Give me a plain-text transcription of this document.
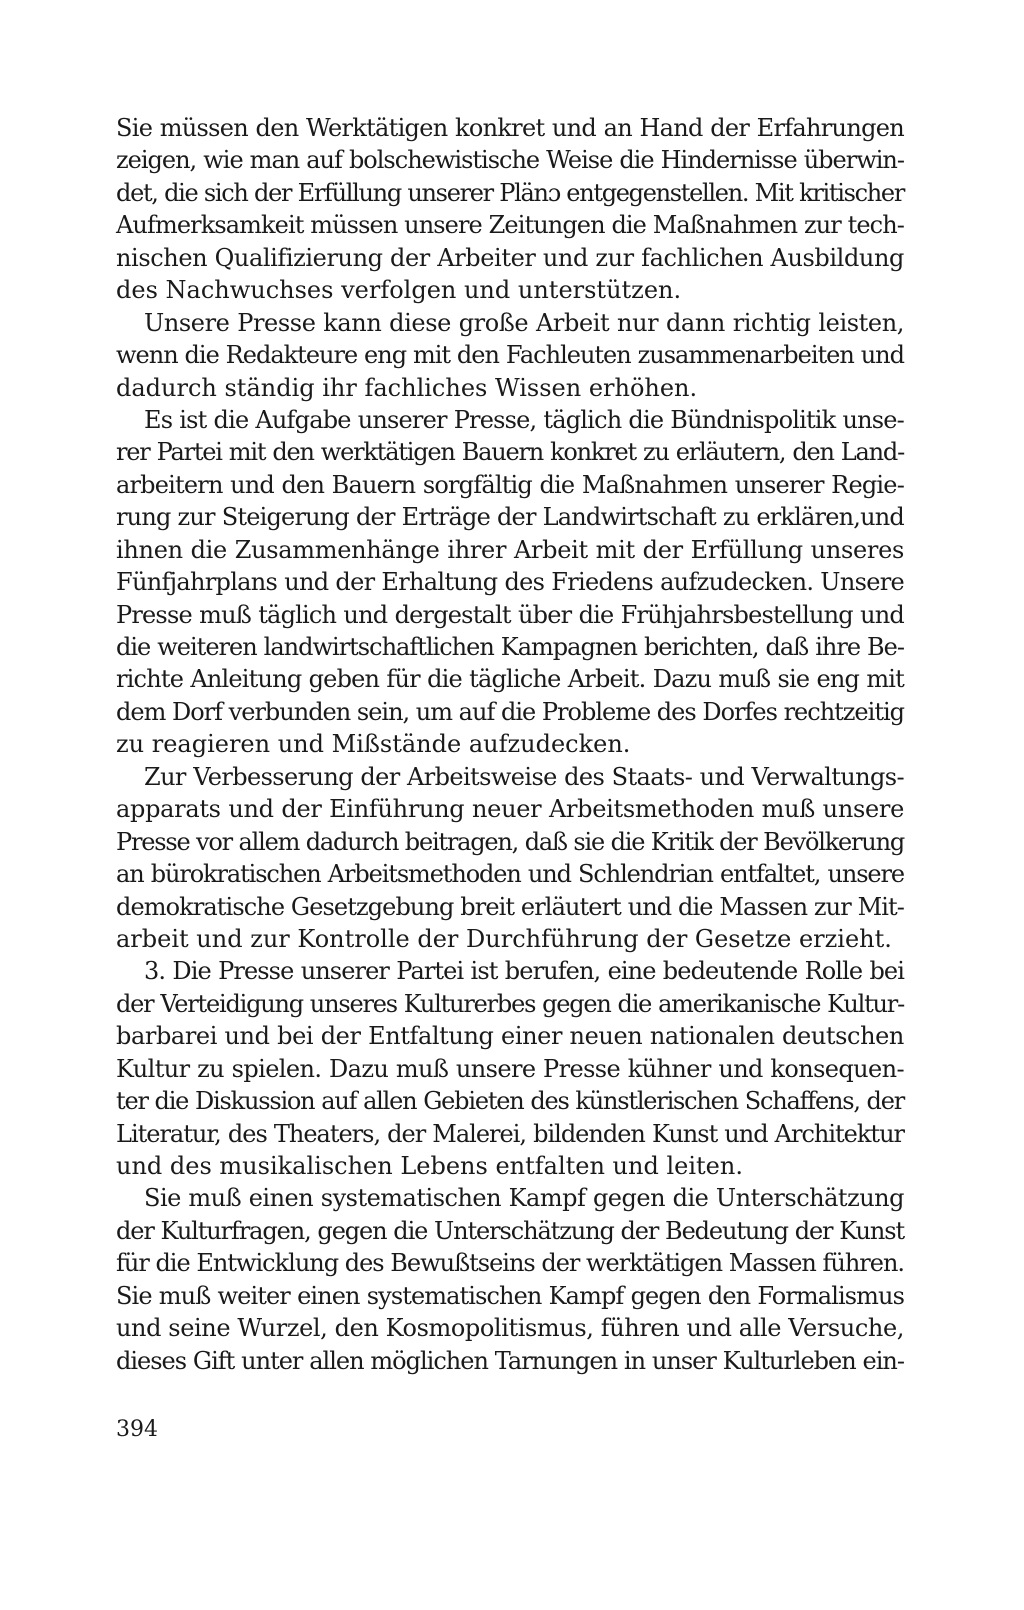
Sie müssen den Werktätigen konkret und an Hand der Erfahrungen
zeigen, wie man auf bolschewistische Weise die Hindernisse überwin-
det, die sich der Erfüllung unserer Plänɔ entgegenstellen. Mit kritischer
Aufmerksamkeit müssen unsere Zeitungen die Maßnahmen zur tech-
nischen Qualifizierung der Arbeiter und zur fachlichen Ausbildung
des Nachwuchses verfolgen und unterstützen.
Unsere Presse kann diese große Arbeit nur dann richtig leisten,
wenn die Redakteure eng mit den Fachleuten zusammenarbeiten und
dadurch ständig ihr fachliches Wissen erhöhen.
Es ist die Aufgabe unserer Presse, täglich die Bündnispolitik unse-
rer Partei mit den werktätigen Bauern konkret zu erläutern, den Land-
arbeitern und den Bauern sorgfältig die Maßnahmen unserer Regie-
rung zur Steigerung der Erträge der Landwirtschaft zu erklären,und
ihnen die Zusammenhänge ihrer Arbeit mit der Erfüllung unseres
Fünfjahrplans und der Erhaltung des Friedens aufzudecken. Unsere
Presse muß täglich und dergestalt über die Frühjahrsbestellung und
die weiteren landwirtschaftlichen Kampagnen berichten, daß ihre Be-
richte Anleitung geben für die tägliche Arbeit. Dazu muß sie eng mit
dem Dorf verbunden sein, um auf die Probleme des Dorfes rechtzeitig
zu reagieren und Mißstände aufzudecken.
Zur Verbesserung der Arbeitsweise des Staats- und Verwaltungs-
apparats und der Einführung neuer Arbeitsmethoden muß unsere
Presse vor allem dadurch beitragen, daß sie die Kritik der Bevölkerung
an bürokratischen Arbeitsmethoden und Schlendrian entfaltet, unsere
demokratische Gesetzgebung breit erläutert und die Massen zur Mit-
arbeit und zur Kontrolle der Durchführung der Gesetze erzieht.
3. Die Presse unserer Partei ist berufen, eine bedeutende Rolle bei
der Verteidigung unseres Kulturerbes gegen die amerikanische Kultur-
barbarei und bei der Entfaltung einer neuen nationalen deutschen
Kultur zu spielen. Dazu muß unsere Presse kühner und konsequen-
ter die Diskussion auf allen Gebieten des künstlerischen Schaffens, der
Literatur, des Theaters, der Malerei, bildenden Kunst und Architektur
und des musikalischen Lebens entfalten und leiten.
Sie muß einen systematischen Kampf gegen die Unterschätzung
der Kulturfragen, gegen die Unterschätzung der Bedeutung der Kunst
für die Entwicklung des Bewußtseins der werktätigen Massen führen.
Sie muß weiter einen systematischen Kampf gegen den Formalismus
und seine Wurzel, den Kosmopolitismus, führen und alle Versuche,
dieses Gift unter allen möglichen Tarnungen in unser Kulturleben ein-
394
